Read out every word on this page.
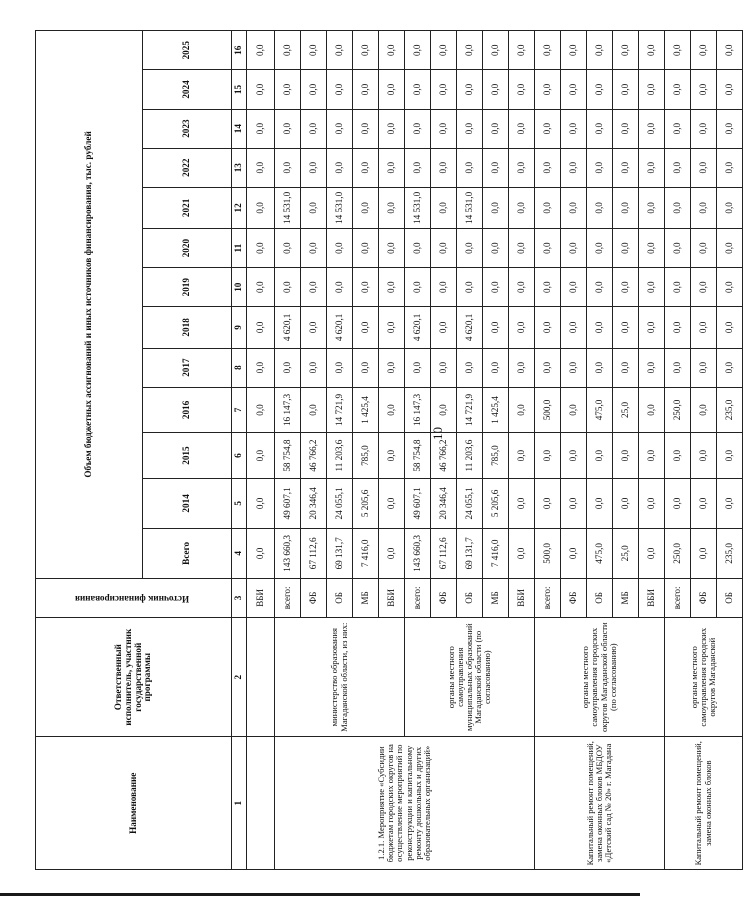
10
Наименование	Ответственный исполнитель, участник государственной программы	Источник финансирования	Объем бюджетных ассигнований и иных источников финансирования, тыс. рублей												
			Всего	2014	2015	2016	2017	2018	2019	2020	2021	2022	2023	2024	2025
1	2	3	4	5	6	7	8	9	10	11	12	13	14	15	16
		ВБИ	0,0	0,0	0,0	0,0	0,0	0,0	0,0	0,0	0,0	0,0	0,0	0,0	0,0
1.2.1. Мероприятие «Субсидии бюджетам городских округов на осуществление мероприятий по реконструкции и капитальному ремонту дошкольных и других образовательных организаций»	министерство образования Магаданской области, из них:	всего:	143 660,3	49 607,1	58 754,8	16 147,3	0,0	4 620,1	0,0	0,0	14 531,0	0,0	0,0	0,0	0,0
		ФБ	67 112,6	20 346,4	46 766,2	0,0	0,0	0,0	0,0	0,0	0,0	0,0	0,0	0,0	0,0
		ОБ	69 131,7	24 055,1	11 203,6	14 721,9	0,0	4 620,1	0,0	0,0	14 531,0	0,0	0,0	0,0	0,0
		МБ	7 416,0	5 205,6	785,0	1 425,4	0,0	0,0	0,0	0,0	0,0	0,0	0,0	0,0	0,0
		ВБИ	0,0	0,0	0,0	0,0	0,0	0,0	0,0	0,0	0,0	0,0	0,0	0,0	0,0
	органы местного самоуправления муниципальных образований Магаданской области (по согласованию)	всего:	143 660,3	49 607,1	58 754,8	16 147,3	0,0	4 620,1	0,0	0,0	14 531,0	0,0	0,0	0,0	0,0
		ФБ	67 112,6	20 346,4	46 766,2	0,0	0,0	0,0	0,0	0,0	0,0	0,0	0,0	0,0	0,0
		ОБ	69 131,7	24 055,1	11 203,6	14 721,9	0,0	4 620,1	0,0	0,0	14 531,0	0,0	0,0	0,0	0,0
		МБ	7 416,0	5 205,6	785,0	1 425,4	0,0	0,0	0,0	0,0	0,0	0,0	0,0	0,0	0,0
		ВБИ	0,0	0,0	0,0	0,0	0,0	0,0	0,0	0,0	0,0	0,0	0,0	0,0	0,0
Капитальный ремонт помещений, замена оконных блоков МБДОУ «Детский сад № 20» г. Магадана	органы местного самоуправления городских округов Магаданской области (по согласованию)	всего:	500,0	0,0	0,0	500,0	0,0	0,0	0,0	0,0	0,0	0,0	0,0	0,0	0,0
		ФБ	0,0	0,0	0,0	0,0	0,0	0,0	0,0	0,0	0,0	0,0	0,0	0,0	0,0
		ОБ	475,0	0,0	0,0	475,0	0,0	0,0	0,0	0,0	0,0	0,0	0,0	0,0	0,0
		МБ	25,0	0,0	0,0	25,0	0,0	0,0	0,0	0,0	0,0	0,0	0,0	0,0	0,0
		ВБИ	0,0	0,0	0,0	0,0	0,0	0,0	0,0	0,0	0,0	0,0	0,0	0,0	0,0
Капитальный ремонт помещений, замена оконных блоков	органы местного самоуправления городских округов Магаданской	всего:	250,0	0,0	0,0	250,0	0,0	0,0	0,0	0,0	0,0	0,0	0,0	0,0	0,0
		ФБ	0,0	0,0	0,0	0,0	0,0	0,0	0,0	0,0	0,0	0,0	0,0	0,0	0,0
		ОБ	235,0	0,0	0,0	235,0	0,0	0,0	0,0	0,0	0,0	0,0	0,0	0,0	0,0
